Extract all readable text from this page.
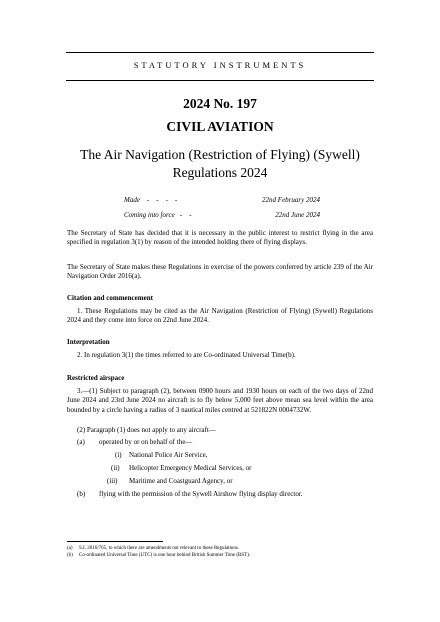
STATUTORY INSTRUMENTS
2024 No. 197
CIVIL AVIATION
The Air Navigation (Restriction of Flying) (Sywell) Regulations 2024
Made    -    -    -    -	22nd February 2024
Coming into force   -    -	22nd June 2024
The Secretary of State has decided that it is necessary in the public interest to restrict flying in the area specified in regulation 3(1) by reason of the intended holding there of flying displays.
The Secretary of State makes these Regulations in exercise of the powers conferred by article 239 of the Air Navigation Order 2016(a).
Citation and commencement
1. These Regulations may be cited as the Air Navigation (Restriction of Flying) (Sywell) Regulations 2024 and they come into force on 22nd June 2024.
Interpretation
2. In regulation 3(1) the times referred to are Co-ordinated Universal Time(b).
Restricted airspace
3.—(1) Subject to paragraph (2), between 0900 hours and 1930 hours on each of the two days of 22nd June 2024 and 23rd June 2024 no aircraft is to fly below 5,000 feet above mean sea level within the area bounded by a circle having a radius of 3 nautical miles centred at 521822N 0004732W.
(2) Paragraph (1) does not apply to any aircraft—
(a) operated by or on behalf of the—
(i) National Police Air Service,
(ii) Helicopter Emergency Medical Services, or
(iii) Maritime and Coastguard Agency, or
(b) flying with the permission of the Sywell Airshow flying display director.
(a)	S.I. 2016/765, to which there are amendments not relevant to these Regulations.
(b)	Co-ordinated Universal Time (UTC) is one hour behind British Summer Time (BST).
